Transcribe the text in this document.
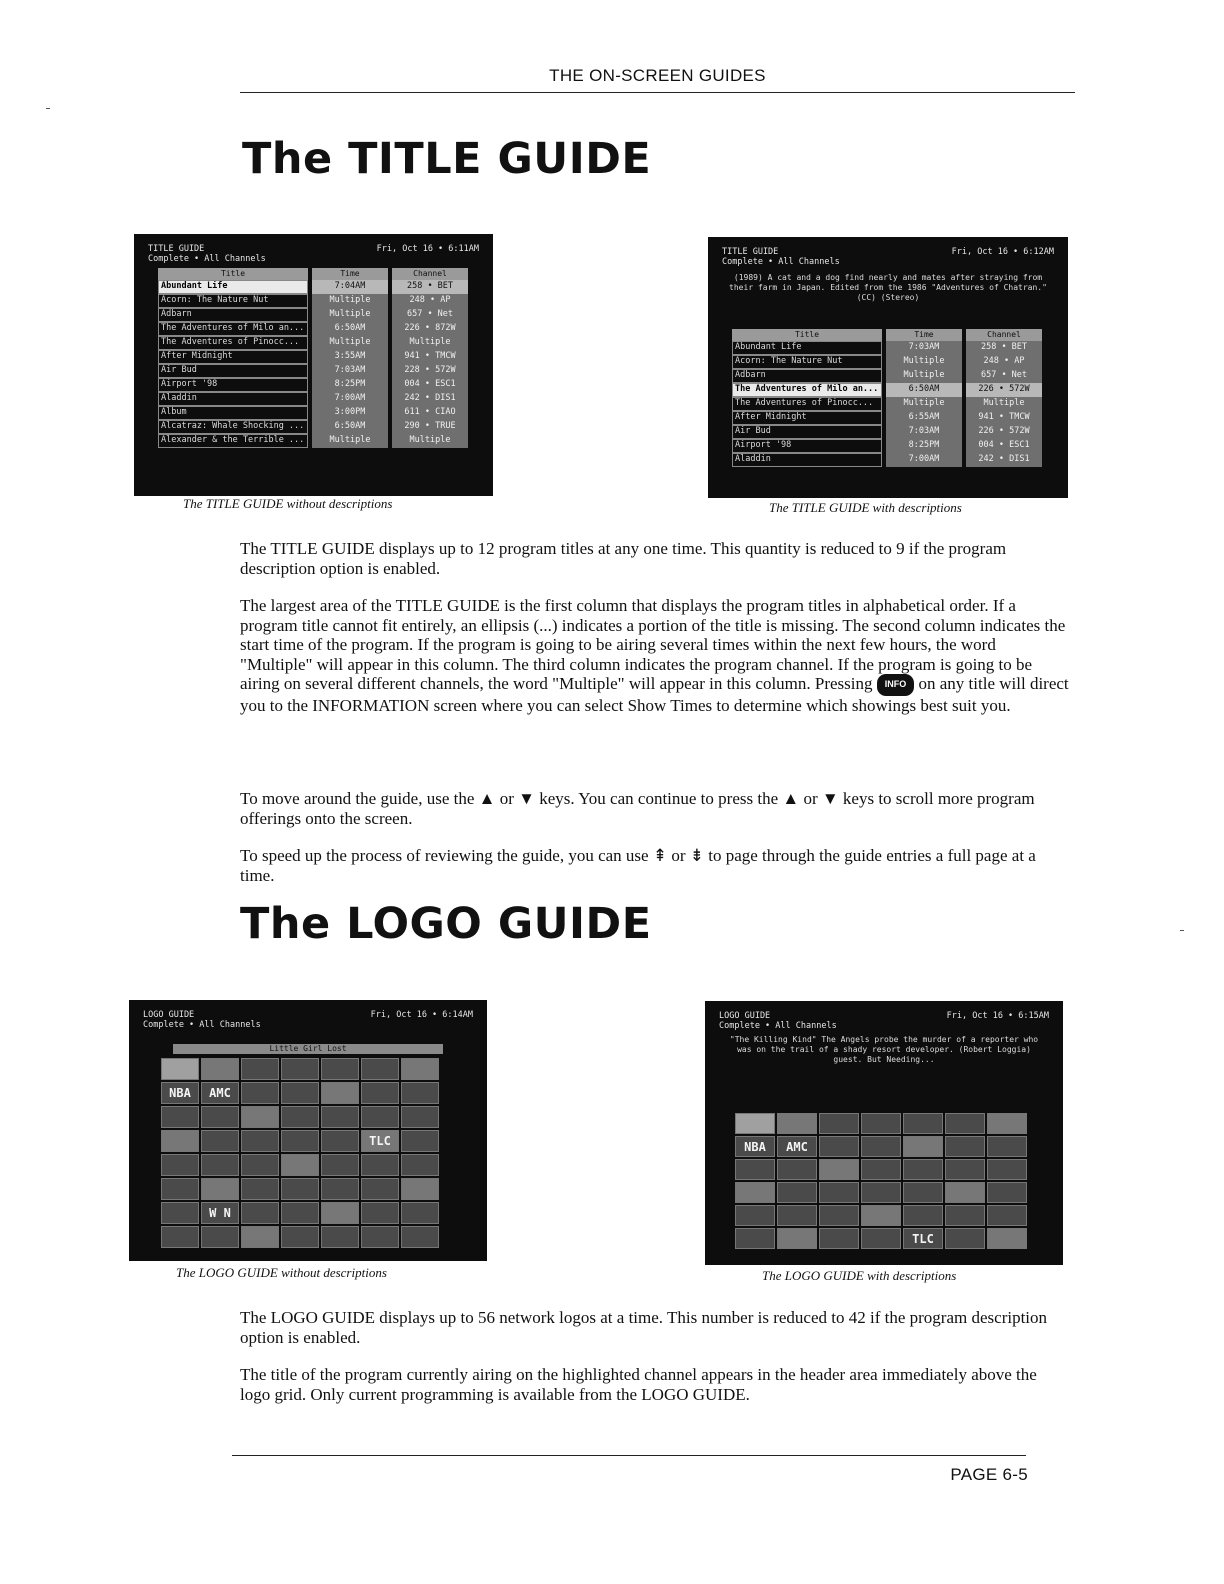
THE ON-SCREEN GUIDES
The TITLE GUIDE
TITLE GUIDE
Complete • All Channels
Fri, Oct 16 • 6:11AM
Title	Time	Channel
Abundant Life	7:04AM	258 • BET
Acorn: The Nature Nut	Multiple	248 • AP
Adbarn	Multiple	657 • Net
The Adventures of Milo an...	6:50AM	226 • 872W
The Adventures of Pinocc...	Multiple	Multiple
After Midnight	3:55AM	941 • TMCW
Air Bud	7:03AM	228 • 572W
Airport '98	8:25PM	004 • ESC1
Aladdin	7:00AM	242 • DIS1
Album	3:00PM	611 • CIAO
Alcatraz: Whale Shocking ...	6:50AM	290 • TRUE
Alexander & the Terrible ...	Multiple	Multiple
The TITLE GUIDE without descriptions
TITLE GUIDE
Complete • All Channels
Fri, Oct 16 • 6:12AM
(1989) A cat and a dog find nearly and mates after straying from their farm in Japan. Edited from the 1986 "Adventures of Chatran." (CC) (Stereo)
Title	Time	Channel
Abundant Life	7:03AM	258 • BET
Acorn: The Nature Nut	Multiple	248 • AP
Adbarn	Multiple	657 • Net
The Adventures of Milo an...	6:50AM	226 • 572W
The Adventures of Pinocc...	Multiple	Multiple
After Midnight	6:55AM	941 • TMCW
Air Bud	7:03AM	226 • 572W
Airport '98	8:25PM	004 • ESC1
Aladdin	7:00AM	242 • DIS1
The TITLE GUIDE with descriptions
The TITLE GUIDE displays up to 12 program titles at any one time. This quantity is reduced to 9 if the program description option is enabled.
The largest area of the TITLE GUIDE is the first column that displays the program titles in alphabetical order. If a program title cannot fit entirely, an ellipsis (...) indicates a portion of the title is missing. The second column indicates the start time of the program. If the program is going to be airing several times within the next few hours, the word "Multiple" will appear in this column. The third column indicates the program channel. If the program is going to be airing on several different channels, the word "Multiple" will appear in this column. Pressing INFO on any title will direct you to the INFORMATION screen where you can select Show Times to determine which showings best suit you.
To move around the guide, use the ▲ or ▼ keys. You can continue to press the ▲ or ▼ keys to scroll more program offerings onto the screen.
To speed up the process of reviewing the guide, you can use ⇞ or ⇟ to page through the guide entries a full page at a time.
The LOGO GUIDE
LOGO GUIDE
Complete • All Channels
Fri, Oct 16 • 6:14AM
Little Girl Lost
NBA	AMC
TLC
W N
The LOGO GUIDE without descriptions
LOGO GUIDE
Complete • All Channels
Fri, Oct 16 • 6:15AM
"The Killing Kind" The Angels probe the murder of a reporter who was on the trail of a shady resort developer. (Robert Loggia) guest. But Needing...
NBA	AMC
TLC
The LOGO GUIDE with descriptions
The LOGO GUIDE displays up to 56 network logos at a time. This number is reduced to 42 if the program description option is enabled.
The title of the program currently airing on the highlighted channel appears in the header area immediately above the logo grid. Only current programming is available from the LOGO GUIDE.
PAGE 6-5
